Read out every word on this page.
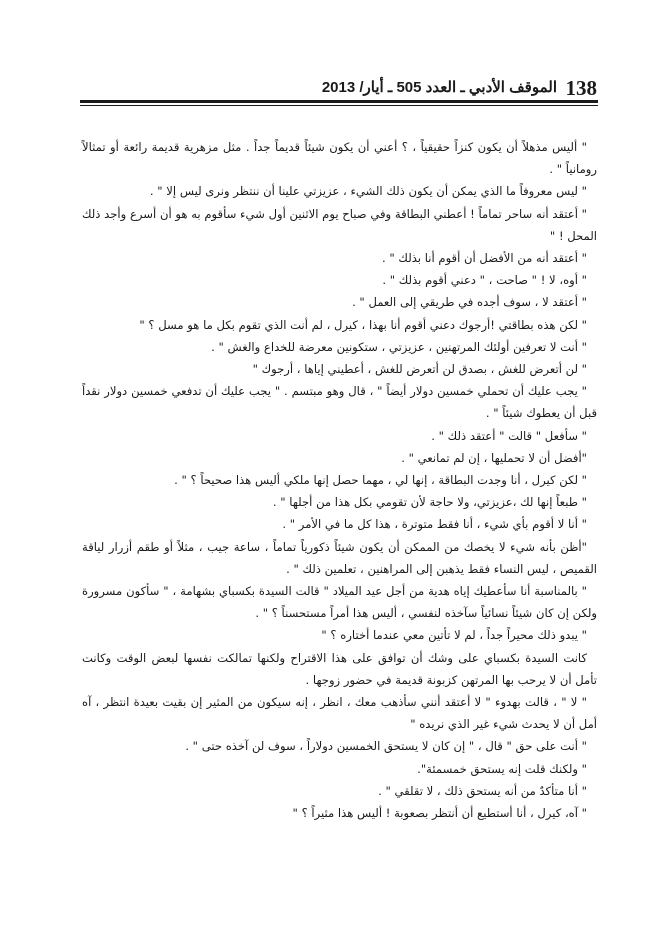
138
الموقف الأدبي ـ العدد 505 ـ أيار/ 2013

" أليس مذهلاً أن يكون كنزاً حقيقياً ، ؟ أعني أن يكون شيئاً قديماً جداً . مثل مزهرية قديمة رائعة أو تمثالاً رومانياً " .

" ليس معروفاً ما الذي يمكن أن يكون ذلك الشيء ، عزيزتي علينا أن ننتظر ونرى ليس إلا " .

" أعتقد أنه ساحر تماماً ! أعطني البطاقة وفي صباح يوم الاثنين أول شيء سأقوم به هو أن أسرع وأجد ذلك المحل ! "

" أعتقد أنه من الأفضل أن أقوم أنا بذلك " .

" أوه، لا ! " صاحت ، " دعني أقوم بذلك " .

" أعتقد لا ، سوف أجده في طريقي إلى العمل " .

" لكن هذه بطاقتي !أرجوك دعني أقوم أنا بهذا ، كيرل ، لم أنت الذي تقوم بكل ما هو مسل ؟ "

" أنت لا تعرفين أولئك المرتهنين ، عزيزتي ، ستكونين معرضة للخداع والغش " .

" لن أتعرض للغش ، بصدق لن أتعرض للغش ، أعطيني إياها ، أرجوك "

" يجب عليك أن تحملي خمسين دولار أيضاً " ، قال وهو مبتسم . " يجب عليك أن تدفعي خمسين دولار نقداً قبل أن يعطوك شيئاً " .

" سأفعل " قالت " أعتقد ذلك " .

"أفضل أن لا تحمليها ، إن لم تمانعي " .

" لكن كيرل ، أنا وجدت البطاقة ، إنها لي ، مهما حصل إنها ملكي أليس هذا صحيحاً ؟ " .

" طبعاً إنها لك ،عزيزتي، ولا حاجة لأن تقومي بكل هذا من أجلها " .

" أنا لا أقوم بأي شيء ، أنا فقط متوترة ، هذا كل ما في الأمر " .

"أظن بأنه شيء لا يخصك من الممكن أن يكون شيئاً ذكورياً تماماً ، ساعة جيب ، مثلاً أو طقم أزرار لياقة القميص ، ليس النساء فقط يذهبن إلى المراهنين ، تعلمين ذلك " .

" بالمناسبة أنا سأعطيك إياه هدية من أجل عيد الميلاد " قالت السيدة بكسباي بشهامة ، " سأكون مسرورة ولكن إن كان شيئاً نسائياً سآخذه لنفسي ، أليس هذا أمراً مستحسناً ؟ " .

" يبدو ذلك محيراً جداً ، لم لا تأتين معي عندما أختاره ؟ "

كانت السيدة بكسباي على وشك أن توافق على هذا الاقتراح ولكنها تمالكت نفسها لبعض الوقت وكانت تأمل أن لا يرحب بها المرتهن كزبونة قديمة في حضور زوجها .

" لا " ، قالت بهدوء " لا أعتقد أنني سأذهب معك ، انظر ، إنه سيكون من المثير إن بقيت بعيدة انتظر ، آه أمل أن لا يحدث شيء غير الذي نريده "

" أنت على حق " قال ، " إن كان لا يستحق الخمسين دولاراً ، سوف لن آخذه حتى " .

" ولكنك قلت إنه يستحق خمسمئة".

" أنا متأكدٌ من أنه يستحق ذلك ، لا تقلقي " .

" آه، كيرل ، أنا أستطيع أن أنتظر بصعوبة ! أليس هذا مثيراً ؟ "
